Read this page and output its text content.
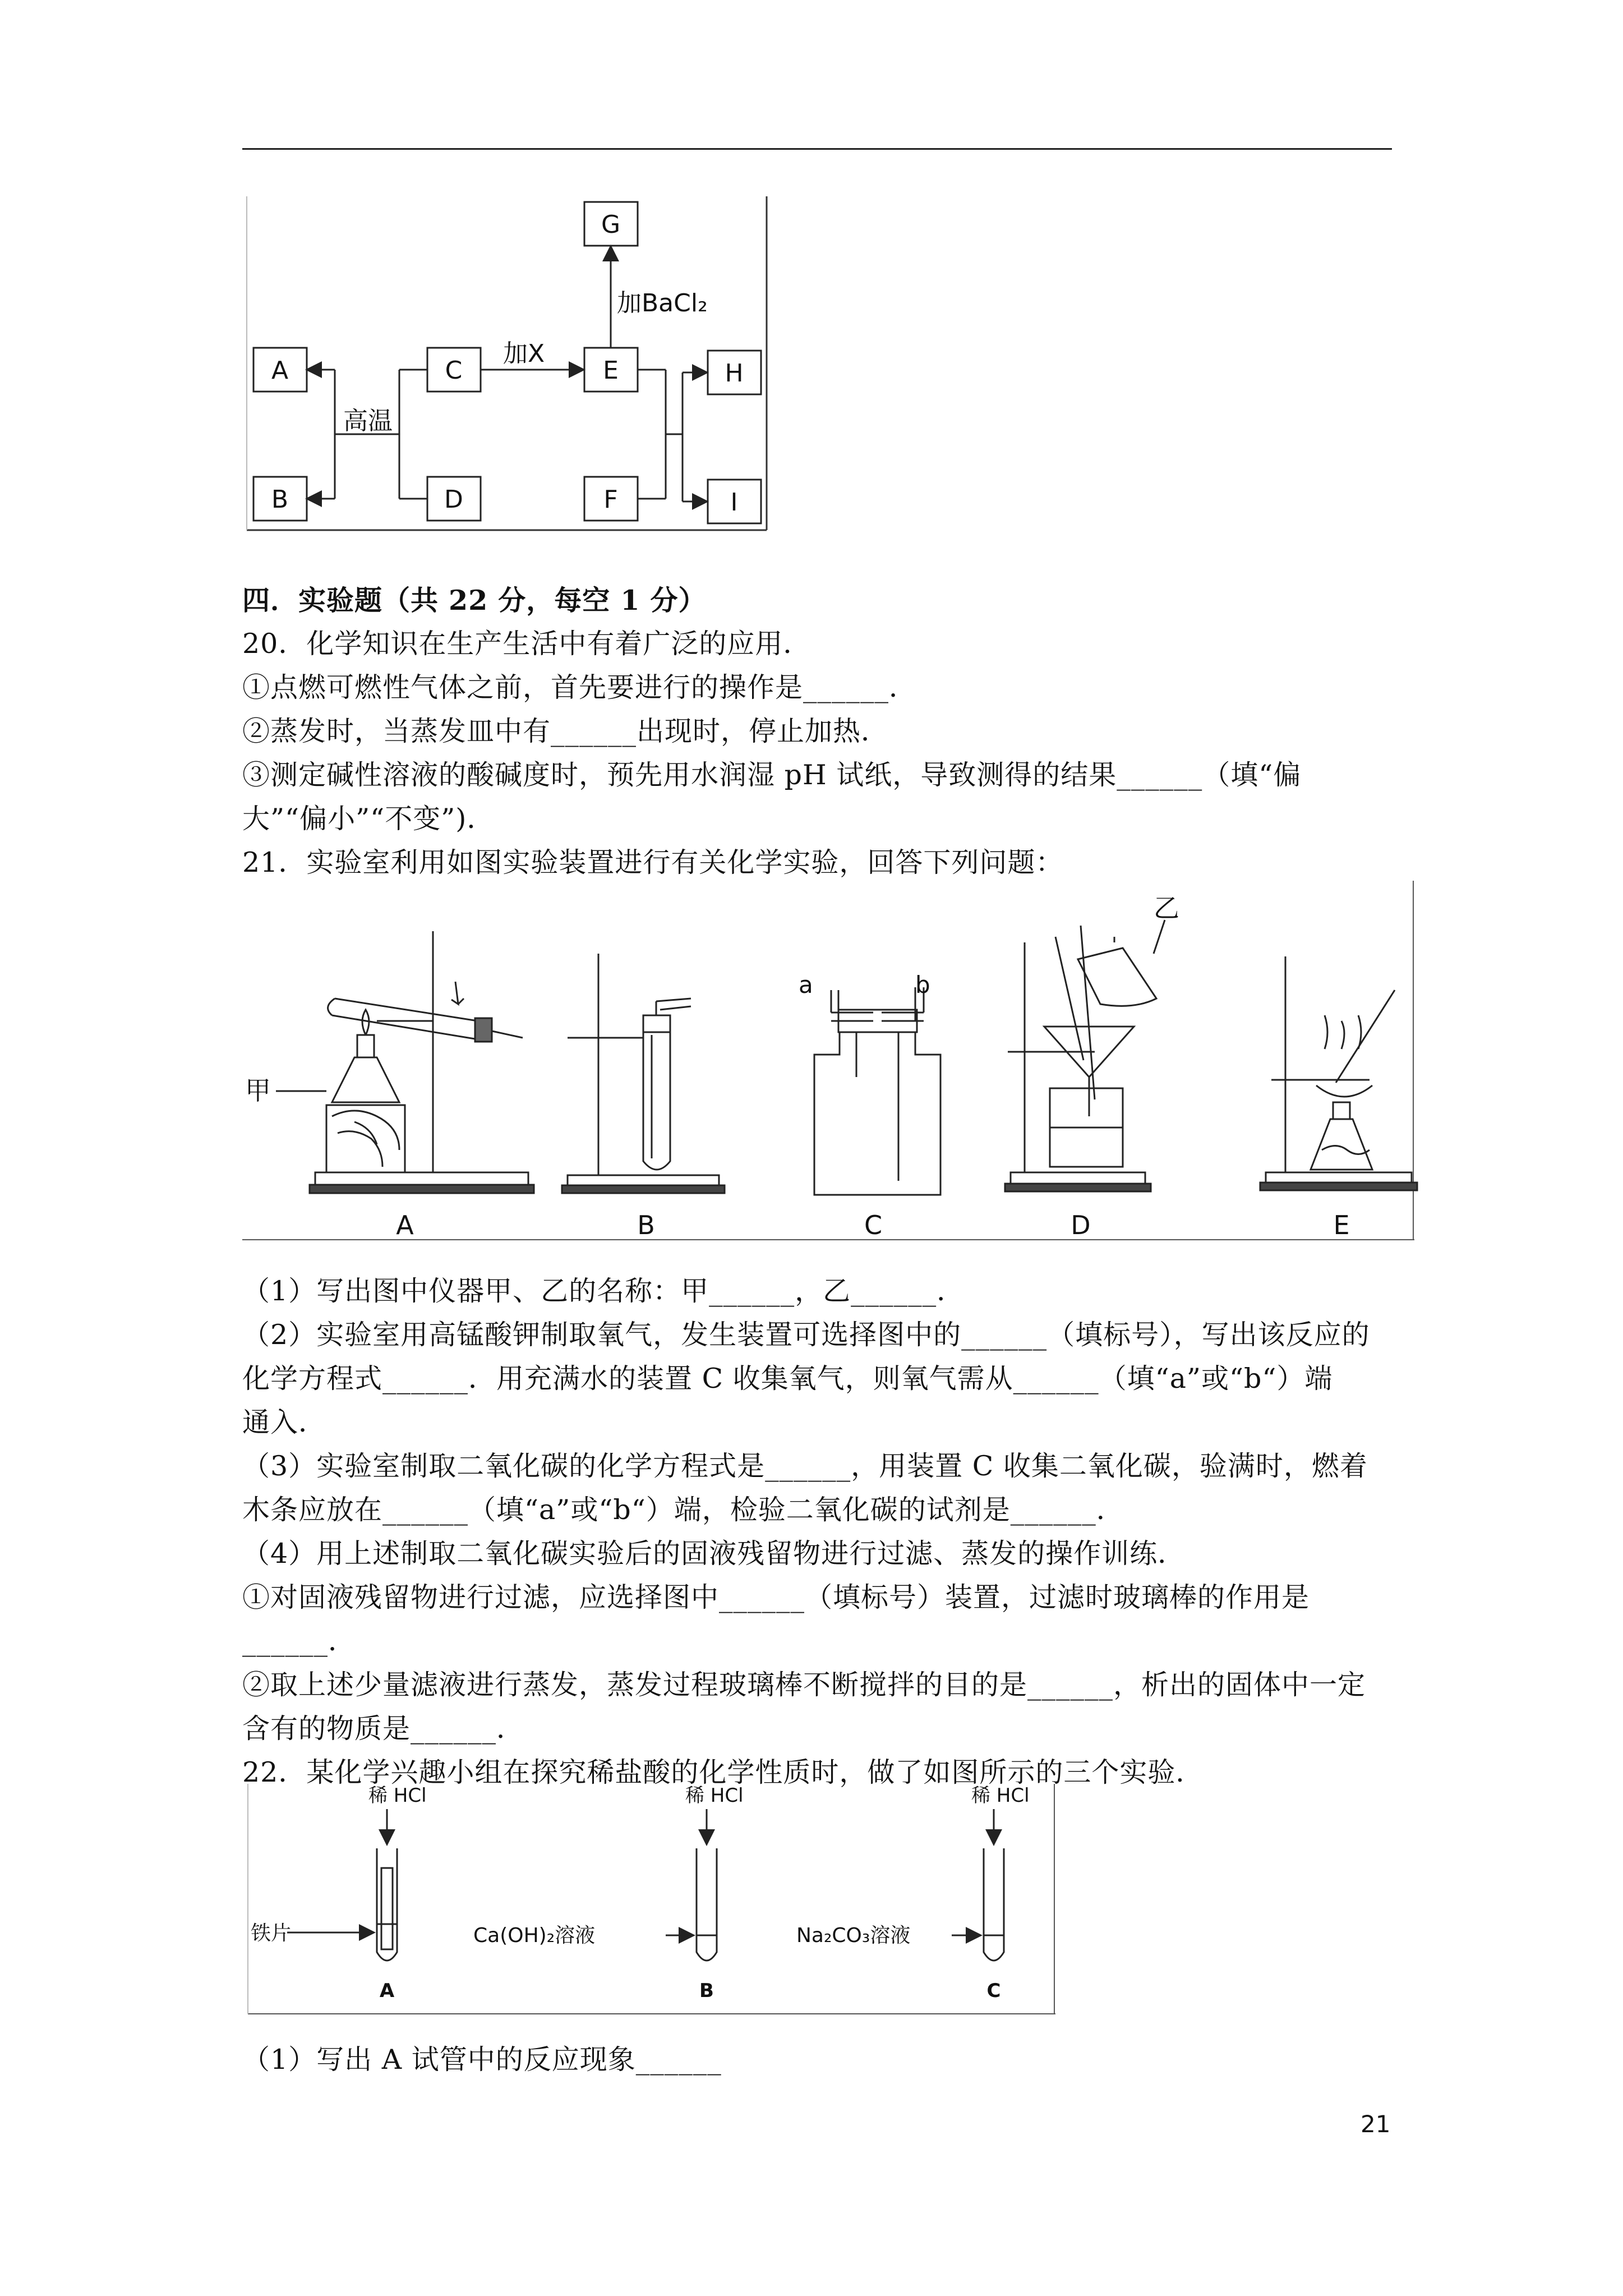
A
B
C
D
E
F
G
H
I
高温
加X
加BaCl₂
四．实验题（共 22 分，每空 1 分）
20．化学知识在生产生活中有着广泛的应用．
①点燃可燃性气体之前，首先要进行的操作是______．
②蒸发时，当蒸发皿中有______出现时，停止加热．
③测定碱性溶液的酸碱度时，预先用水润湿 pH 试纸，导致测得的结果______（填“偏
大”“偏小”“不变”)．
21．实验室利用如图实验装置进行有关化学实验，回答下列问题：
甲
a	b
乙
A	B	C	D	E
（1）写出图中仪器甲、乙的名称：甲______，乙______．
（2）实验室用高锰酸钾制取氧气，发生装置可选择图中的______（填标号），写出该反应的
化学方程式______．用充满水的装置 C 收集氧气，则氧气需从______（填“a”或“b“）端
通入．
（3）实验室制取二氧化碳的化学方程式是______，用装置 C 收集二氧化碳，验满时，燃着
木条应放在______（填“a”或“b“）端，检验二氧化碳的试剂是______．
（4）用上述制取二氧化碳实验后的固液残留物进行过滤、蒸发的操作训练．
①对固液残留物进行过滤，应选择图中______（填标号）装置，过滤时玻璃棒的作用是
______．
②取上述少量滤液进行蒸发，蒸发过程玻璃棒不断搅拌的目的是______，析出的固体中一定
含有的物质是______．
22．某化学兴趣小组在探究稀盐酸的化学性质时，做了如图所示的三个实验．
稀 HCl	稀 HCl	稀 HCl
铁片	Ca(OH)₂溶液	Na₂CO₃溶液
A	B	C
（1）写出 A 试管中的反应现象______
21
